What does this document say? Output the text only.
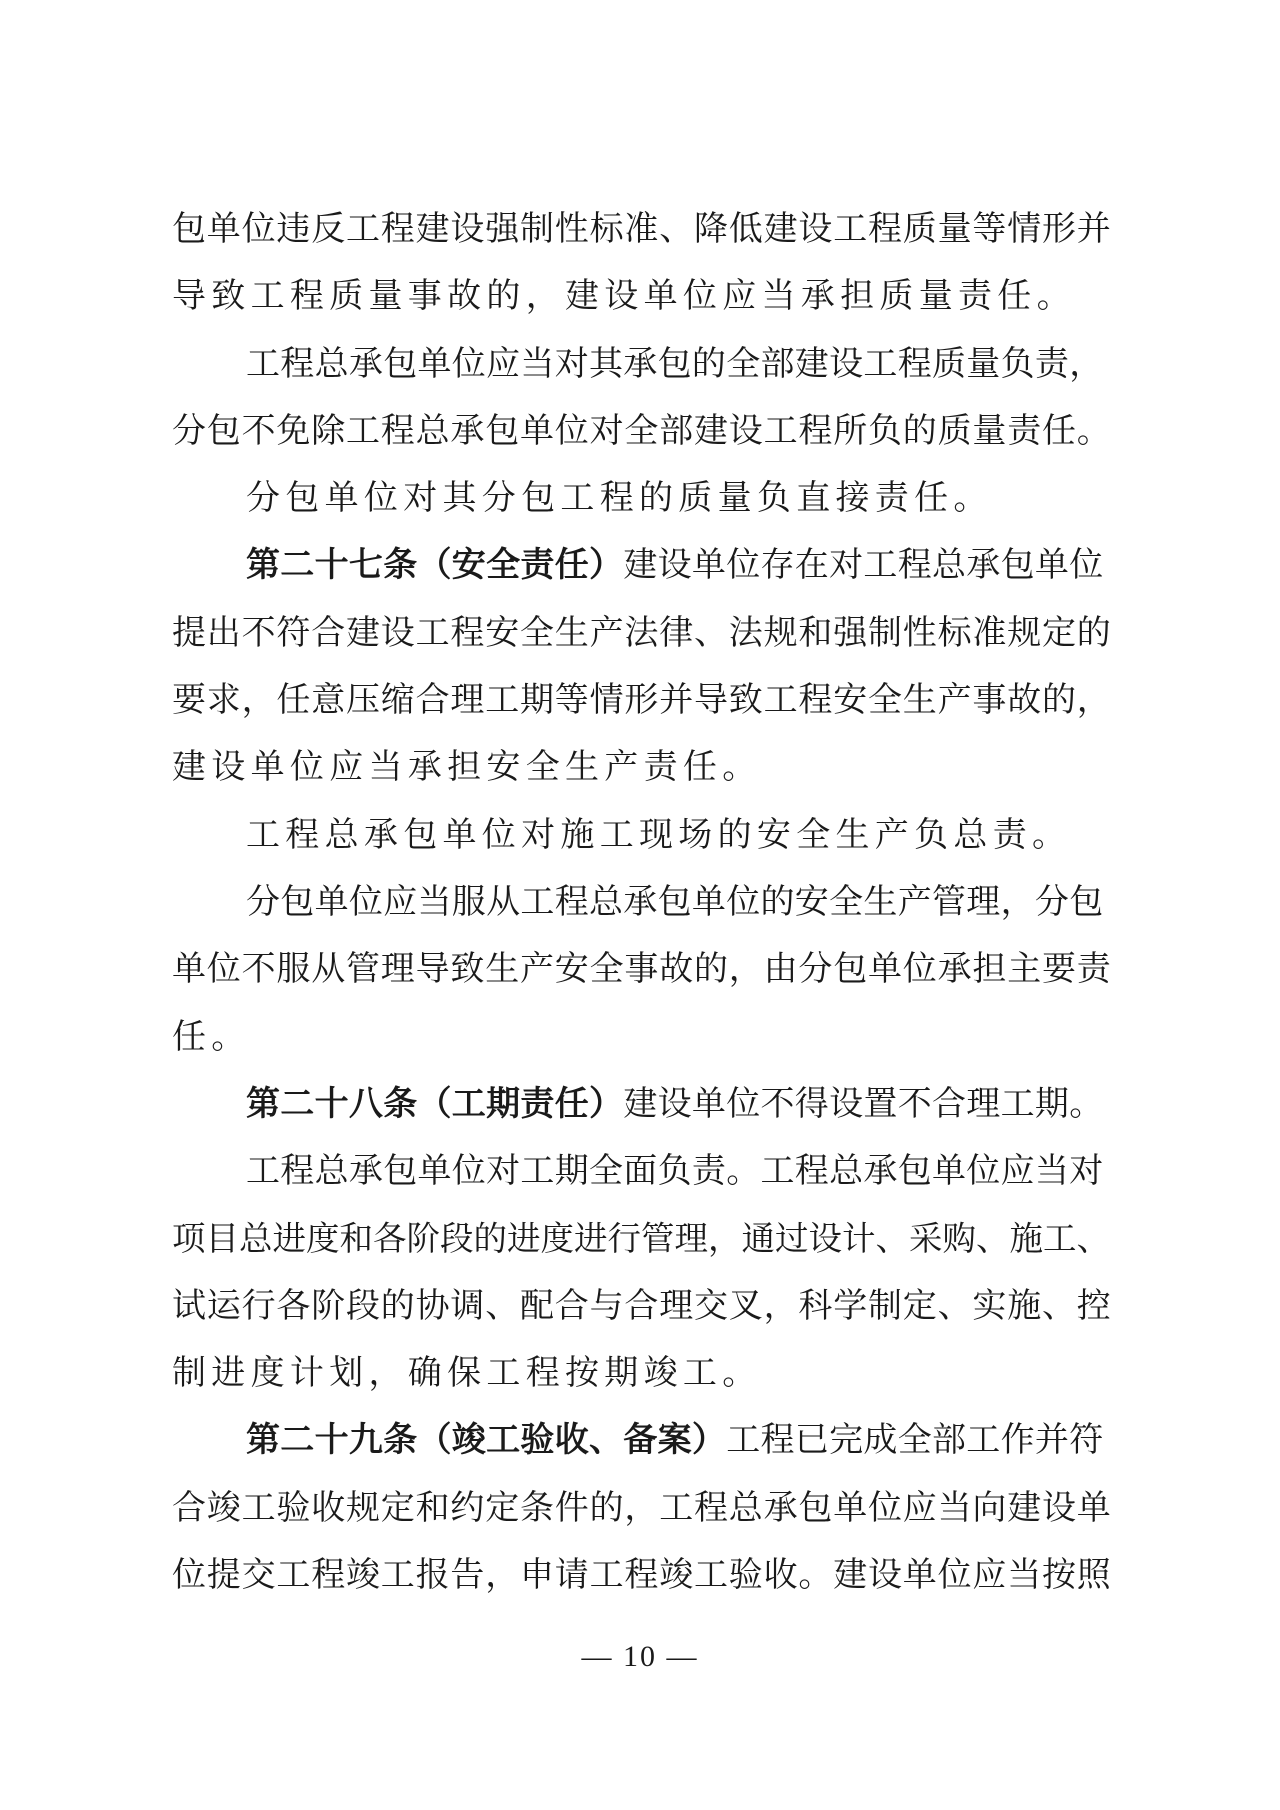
包单位违反工程建设强制性标准、降低建设工程质量等情形并
导致工程质量事故的，建设单位应当承担质量责任。
工程总承包单位应当对其承包的全部建设工程质量负责，
分包不免除工程总承包单位对全部建设工程所负的质量责任。
分包单位对其分包工程的质量负直接责任。
第二十七条（安全责任）建设单位存在对工程总承包单位
提出不符合建设工程安全生产法律、法规和强制性标准规定的
要求，任意压缩合理工期等情形并导致工程安全生产事故的，
建设单位应当承担安全生产责任。
工程总承包单位对施工现场的安全生产负总责。
分包单位应当服从工程总承包单位的安全生产管理，分包
单位不服从管理导致生产安全事故的，由分包单位承担主要责
任。
第二十八条（工期责任）建设单位不得设置不合理工期。
工程总承包单位对工期全面负责。工程总承包单位应当对
项目总进度和各阶段的进度进行管理，通过设计、采购、施工、
试运行各阶段的协调、配合与合理交叉，科学制定、实施、控
制进度计划，确保工程按期竣工。
第二十九条（竣工验收、备案）工程已完成全部工作并符
合竣工验收规定和约定条件的，工程总承包单位应当向建设单
位提交工程竣工报告，申请工程竣工验收。建设单位应当按照
— 10 —
